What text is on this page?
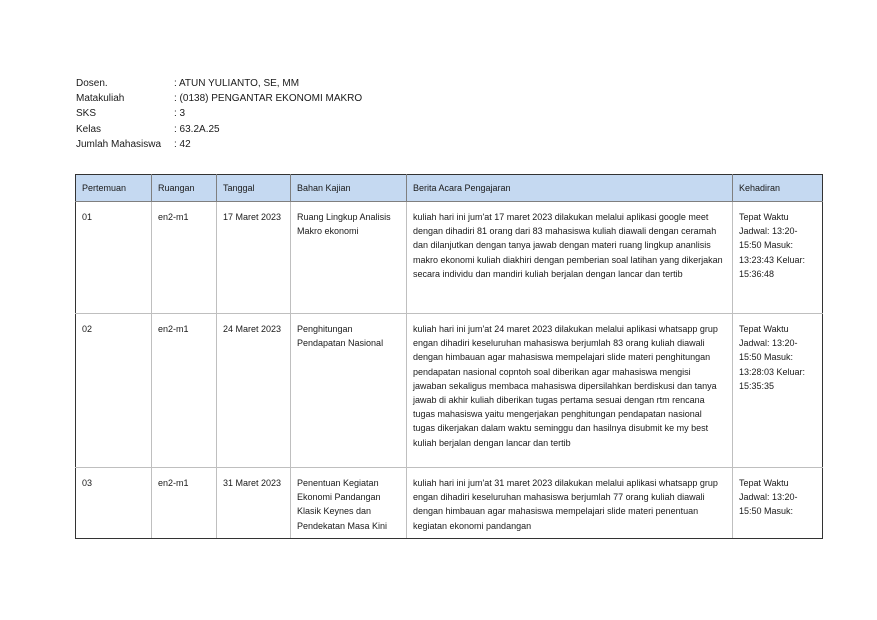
Dosen.	: ATUN YULIANTO, SE, MM
Matakuliah	: (0138) PENGANTAR EKONOMI MAKRO
SKS	: 3
Kelas	: 63.2A.25
Jumlah Mahasiswa	: 42
Pertemuan	Ruangan	Tanggal	Bahan Kajian	Berita Acara Pengajaran	Kehadiran
01	en2-m1	17 Maret 2023	Ruang Lingkup Analisis Makro ekonomi	kuliah hari ini jum'at 17 maret 2023 dilakukan melalui aplikasi google meet dengan dihadiri 81 orang dari 83 mahasiswa kuliah diawali dengan ceramah dan dilanjutkan dengan tanya jawab dengan materi ruang lingkup ananlisis makro ekonomi kuliah diakhiri dengan pemberian soal latihan yang dikerjakan secara individu dan mandiri kuliah berjalan dengan lancar dan tertib	Tepat Waktu Jadwal: 13:20-15:50 Masuk: 13:23:43 Keluar: 15:36:48
02	en2-m1	24 Maret 2023	Penghitungan Pendapatan Nasional	kuliah hari ini jum'at 24 maret 2023 dilakukan melalui aplikasi whatsapp grup engan dihadiri keseluruhan mahasiswa berjumlah 83 orang kuliah diawali dengan himbauan agar mahasiswa mempelajari slide materi penghitungan pendapatan nasional copntoh soal diberikan agar mahasiswa mengisi jawaban sekaligus membaca mahasiswa dipersilahkan berdiskusi dan tanya jawab di akhir kuliah diberikan tugas pertama sesuai dengan rtm rencana tugas mahasiswa yaitu mengerjakan penghitungan pendapatan nasional tugas dikerjakan dalam waktu seminggu dan hasilnya disubmit ke my best kuliah berjalan dengan lancar dan tertib	Tepat Waktu Jadwal: 13:20-15:50 Masuk: 13:28:03 Keluar: 15:35:35
03	en2-m1	31 Maret 2023	Penentuan Kegiatan Ekonomi Pandangan Klasik Keynes dan Pendekatan Masa Kini	kuliah hari ini jum'at 31 maret 2023 dilakukan melalui aplikasi whatsapp grup engan dihadiri keseluruhan mahasiswa berjumlah 77 orang kuliah diawali dengan himbauan agar mahasiswa mempelajari slide materi penentuan kegiatan ekonomi pandangan	Tepat Waktu Jadwal: 13:20-15:50 Masuk:
